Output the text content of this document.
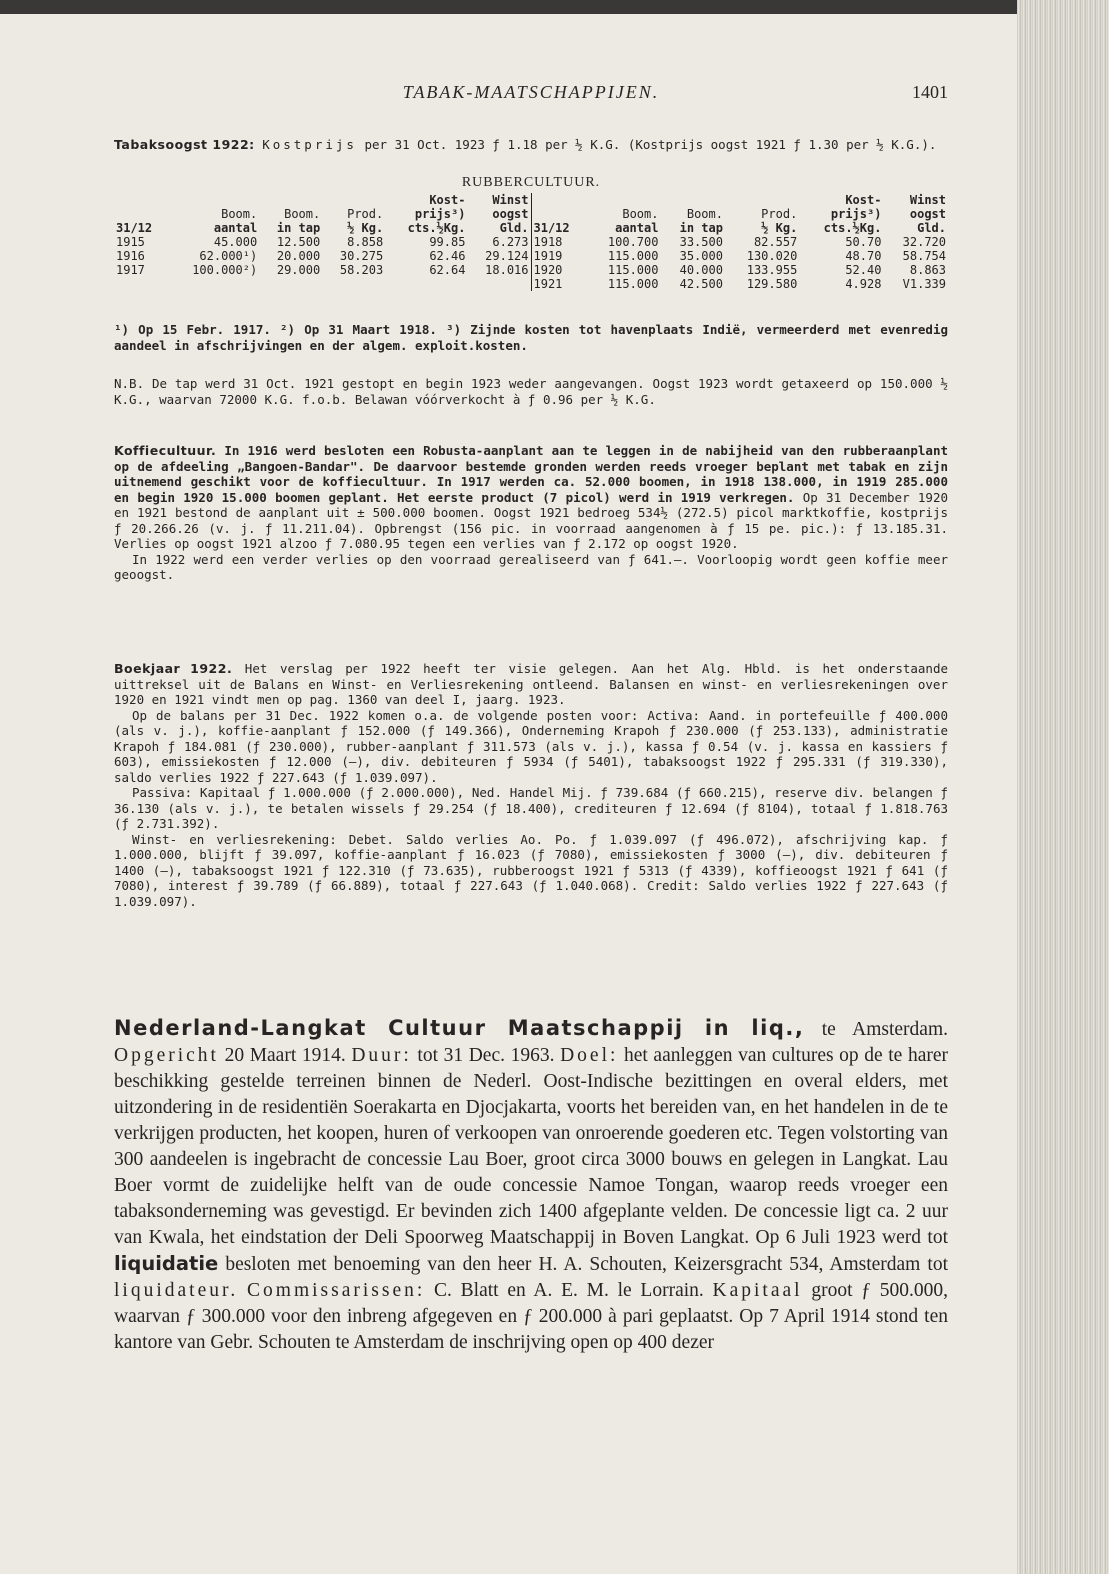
TABAK-MAATSCHAPPIJEN.	1401
Tabaksoogst 1922: Kostprijs per 31 Oct. 1923 ƒ 1.18 per ½ K.G. (Kostprijs oogst 1921 ƒ 1.30 per ½ K.G.).
RUBBERCULTUUR.
				Kost-	Winst
	Boom.	Boom.	Prod.	prijs³)	oogst
31/12	aantal	in tap	½ Kg.	cts.½Kg.	Gld.
1915	45.000	12.500	8.858	99.85	6.273
1916	62.000¹)	20.000	30.275	62.46	29.124
1917	100.000²)	29.000	58.203	62.64	18.016
				Kost-	Winst
	Boom.	Boom.	Prod.	prijs³)	oogst
31/12	aantal	in tap	½ Kg.	cts.½Kg.	Gld.
1918	100.700	33.500	82.557	50.70	32.720
1919	115.000	35.000	130.020	48.70	58.754
1920	115.000	40.000	133.955	52.40	8.863
1921	115.000	42.500	129.580	4.928	V1.339
¹) Op 15 Febr. 1917. ²) Op 31 Maart 1918. ³) Zijnde kosten tot havenplaats Indië, vermeerderd met evenredig aandeel in afschrijvingen en der algem. exploit.kosten.
N.B. De tap werd 31 Oct. 1921 gestopt en begin 1923 weder aangevangen. Oogst 1923 wordt getaxeerd op 150.000 ½ K.G., waarvan 72000 K.G. f.o.b. Belawan vóórverkocht à ƒ 0.96 per ½ K.G.

Koffiecultuur. In 1916 werd besloten een Robusta-aanplant aan te leggen in de nabijheid van den rubberaanplant op de afdeeling „Bangoen-Bandar". De daarvoor bestemde gronden werden reeds vroeger beplant met tabak en zijn uitnemend geschikt voor de koffiecultuur. In 1917 werden ca. 52.000 boomen, in 1918 138.000, in 1919 285.000 en begin 1920 15.000 boomen geplant. Het eerste product (7 picol) werd in 1919 verkregen. Op 31 December 1920 en 1921 bestond de aanplant uit ± 500.000 boomen. Oogst 1921 bedroeg 534½ (272.5) picol marktkoffie, kostprijs ƒ 20.266.26 (v. j. ƒ 11.211.04). Opbrengst (156 pic. in voorraad aangenomen à ƒ 15 pe. pic.): ƒ 13.185.31. Verlies op oogst 1921 alzoo ƒ 7.080.95 tegen een verlies van ƒ 2.172 op oogst 1920.

In 1922 werd een verder verlies op den voorraad gerealiseerd van ƒ 641.—. Voorloopig wordt geen koffie meer geoogst.

Boekjaar 1922. Het verslag per 1922 heeft ter visie gelegen. Aan het Alg. Hbld. is het onderstaande uittreksel uit de Balans en Winst- en Verliesrekening ontleend. Balansen en winst- en verliesrekeningen over 1920 en 1921 vindt men op pag. 1360 van deel I, jaarg. 1923.

Op de balans per 31 Dec. 1922 komen o.a. de volgende posten voor: Activa: Aand. in portefeuille ƒ 400.000 (als v. j.), koffie-aanplant ƒ 152.000 (ƒ 149.366), Onderneming Krapoh ƒ 230.000 (ƒ 253.133), administratie Krapoh ƒ 184.081 (ƒ 230.000), rubber-aanplant ƒ 311.573 (als v. j.), kassa ƒ 0.54 (v. j. kassa en kassiers ƒ 603), emissiekosten ƒ 12.000 (—), div. debiteuren ƒ 5934 (ƒ 5401), tabaksoogst 1922 ƒ 295.331 (ƒ 319.330), saldo verlies 1922 ƒ 227.643 (ƒ 1.039.097).

Passiva: Kapitaal ƒ 1.000.000 (ƒ 2.000.000), Ned. Handel Mij. ƒ 739.684 (ƒ 660.215), reserve div. belangen ƒ 36.130 (als v. j.), te betalen wissels ƒ 29.254 (ƒ 18.400), crediteuren ƒ 12.694 (ƒ 8104), totaal ƒ 1.818.763 (ƒ 2.731.392).

Winst- en verliesrekening: Debet. Saldo verlies Ao. Po. ƒ 1.039.097 (ƒ 496.072), afschrijving kap. ƒ 1.000.000, blijft ƒ 39.097, koffie-aanplant ƒ 16.023 (ƒ 7080), emissiekosten ƒ 3000 (—), div. debiteuren ƒ 1400 (—), tabaksoogst 1921 ƒ 122.310 (ƒ 73.635), rubberoogst 1921 ƒ 5313 (ƒ 4339), koffieoogst 1921 ƒ 641 (ƒ 7080), interest ƒ 39.789 (ƒ 66.889), totaal ƒ 227.643 (ƒ 1.040.068). Credit: Saldo verlies 1922 ƒ 227.643 (ƒ 1.039.097).

Nederland-Langkat Cultuur Maatschappij in liq., te Amsterdam. Opgericht 20 Maart 1914. Duur: tot 31 Dec. 1963. Doel: het aanleggen van cultures op de te harer beschikking gestelde terreinen binnen de Nederl. Oost-Indische bezittingen en overal elders, met uitzondering in de residentiën Soerakarta en Djocjakarta, voorts het bereiden van, en het handelen in de te verkrijgen producten, het koopen, huren of verkoopen van onroerende goederen etc. Tegen volstorting van 300 aandeelen is ingebracht de concessie Lau Boer, groot circa 3000 bouws en gelegen in Langkat. Lau Boer vormt de zuidelijke helft van de oude concessie Namoe Tongan, waarop reeds vroeger een tabaksonderneming was gevestigd. Er bevinden zich 1400 afgeplante velden. De concessie ligt ca. 2 uur van Kwala, het eindstation der Deli Spoorweg Maatschappij in Boven Langkat. Op 6 Juli 1923 werd tot liquidatie besloten met benoeming van den heer H. A. Schouten, Keizersgracht 534, Amsterdam tot liquidateur. Commissarissen: C. Blatt en A. E. M. le Lorrain. Kapitaal groot ƒ 500.000, waarvan ƒ 300.000 voor den inbreng afgegeven en ƒ 200.000 à pari geplaatst. Op 7 April 1914 stond ten kantore van Gebr. Schouten te Amsterdam de inschrijving open op 400 dezer
